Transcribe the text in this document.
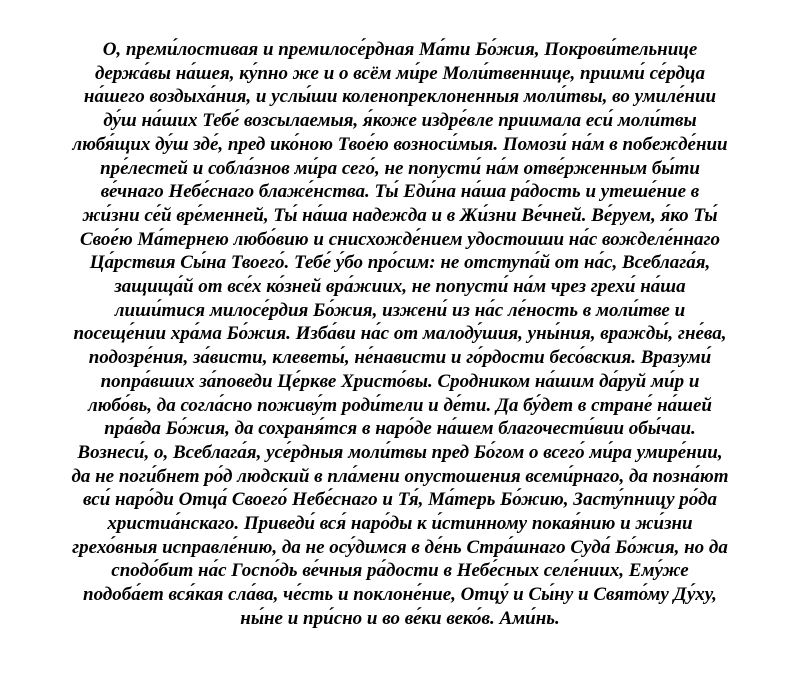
О, преми́лостивая и премилосе́рдная Ма́ти Бо́жия, Покрови́тельнице
держа́вы на́шея, ку́пно же и о всём ми́ре Моли́твеннице, приими́ се́рдца
на́шего воздыха́ния, и услы́ши коленопреклоненныя моли́твы, во умиле́нии
ду́ш на́ших Тебе́ возсылаемыя, я́коже издре́вле приимала еси́ моли́твы
любя́щих ду́ш зде́, пред ико́ною Твое́ю возноси́мыя. Помози́ на́м в побежде́нии
пре́лестей и собла́знов ми́ра сего́, не попусти́ на́м отве́рженным бы́ти
ве́чнаго Небе́снаго блаже́нства. Ты́ Еди́на на́ша ра́дость и утеше́ние в
жи́зни се́й вре́менней, Ты́ на́ша надежда и в Жи́зни Ве́чней. Ве́руем, я́ко Ты́
Свое́ю Ма́тернею любо́вию и снисхожде́нием удостоиши на́с вожделе́ннаго
Ца́рствия Сы́на Твоего́. Тебе́ у́бо про́сим: не отступа́й от на́с, Всеблага́я,
защища́й от все́х ко́зней вра́жиих, не попусти́ на́м чрез грехи́ на́ша
лиши́тися милосе́рдия Бо́жия, изжени́ из на́с ле́ность в моли́тве и
посеще́нии хра́ма Бо́жия. Изба́ви на́с от малоду́шия, уны́ния, вражды́, гне́ва,
подозре́ния, за́висти, клеветы́, не́нависти и го́рдости бесо́вския. Вразуми́
попра́вших за́поведи Це́ркве Христо́вы. Сродником на́шим да́руй ми́р и
любо́вь, да согла́сно поживу́т роди́тели и де́ти. Да бу́дет в стране́ на́шей
пра́вда Бо́жия, да сохраня́тся в наро́де на́шем благочести́вии обы́чаи.
Вознеси́, о, Всеблага́я, усе́рдныя моли́твы пред Бо́гом о всего́ ми́ра умире́нии,
да не поги́бнет ро́д людский в пла́мени опустошения всеми́рнаго, да позна́ют
вси́ наро́ди Отца́ Своего́ Небе́снаго и Тя́, Ма́терь Бо́жию, Засту́пницу ро́да
христиа́нскаго. Приведи́ вся́ наро́ды к и́стинному покая́нию и жи́зни
грехо́вныя исправле́нию, да не осу́димся в де́нь Стра́шнаго Суда́ Бо́жия, но да
сподо́бит на́с Госпо́дь ве́чныя ра́дости в Небе́сных селе́ниих, Ему́же
подоба́ет вся́кая сла́ва, че́сть и поклоне́ние, Отцу́ и Сы́ну и Свято́му Ду́ху,
ны́не и при́сно и во ве́ки веко́в. Ами́нь.
